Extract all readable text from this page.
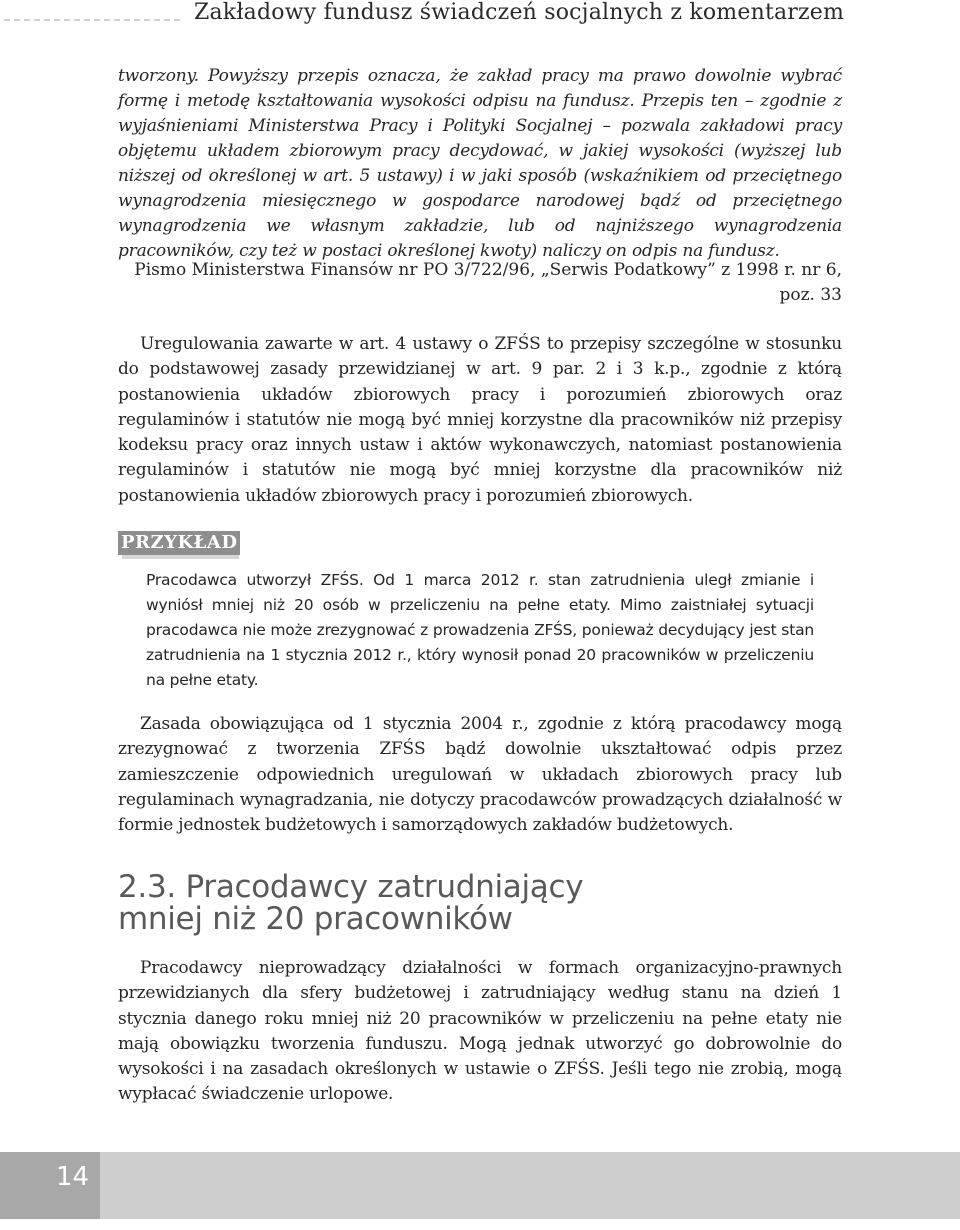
Zakładowy fundusz świadczeń socjalnych z komentarzem

tworzony. Powyższy przepis oznacza, że zakład pracy ma prawo dowolnie wybrać formę i metodę kształtowania wysokości odpisu na fundusz. Przepis ten – zgodnie z wyjaśnieniami Ministerstwa Pracy i Polityki Socjalnej – pozwala zakładowi pracy objętemu układem zbiorowym pracy decydować, w jakiej wysokości (wyższej lub niższej od określonej w art. 5 ustawy) i w jaki sposób (wskaźnikiem od przeciętnego wynagrodzenia miesięcznego w gospodarce narodowej bądź od przeciętnego wynagrodzenia we własnym zakładzie, lub od najniższego wynagrodzenia pracowników, czy też w postaci określonej kwoty) naliczy on odpis na fundusz.

Pismo Ministerstwa Finansów nr PO 3/722/96, „Serwis Podatkowy” z 1998 r. nr 6, poz. 33

Uregulowania zawarte w art. 4 ustawy o ZFŚS to przepisy szczególne w stosunku do podstawowej zasady przewidzianej w art. 9 par. 2 i 3 k.p., zgodnie z którą postanowienia układów zbiorowych pracy i porozumień zbiorowych oraz regulaminów i statutów nie mogą być mniej korzystne dla pracowników niż przepisy kodeksu pracy oraz innych ustaw i aktów wykonawczych, natomiast postanowienia regulaminów i statutów nie mogą być mniej korzystne dla pracowników niż postanowienia układów zbiorowych pracy i porozumień zbiorowych.

PRZYKŁAD

Pracodawca utworzył ZFŚS. Od 1 marca 2012 r. stan zatrudnienia uległ zmianie i wyniósł mniej niż 20 osób w przeliczeniu na pełne etaty. Mimo zaistniałej sytuacji pracodawca nie może zrezygnować z prowadzenia ZFŚS, ponieważ decydujący jest stan zatrudnienia na 1 stycznia 2012 r., który wynosił ponad 20 pracowników w przeliczeniu na pełne etaty.

Zasada obowiązująca od 1 stycznia 2004 r., zgodnie z którą pracodawcy mogą zrezygnować z tworzenia ZFŚS bądź dowolnie ukształtować odpis przez zamieszczenie odpowiednich uregulowań w układach zbiorowych pracy lub regulaminach wynagradzania, nie dotyczy pracodawców prowadzących działalność w formie jednostek budżetowych i samorządowych zakładów budżetowych.

2.3. Pracodawcy zatrudniający
mniej niż 20 pracowników

Pracodawcy nieprowadzący działalności w formach organizacyjno-prawnych przewidzianych dla sfery budżetowej i zatrudniający według stanu na dzień 1 stycznia danego roku mniej niż 20 pracowników w przeliczeniu na pełne etaty nie mają obowiązku tworzenia funduszu. Mogą jednak utworzyć go dobrowolnie do wysokości i na zasadach określonych w ustawie o ZFŚS. Jeśli tego nie zrobią, mogą wypłacać świadczenie urlopowe.

14
